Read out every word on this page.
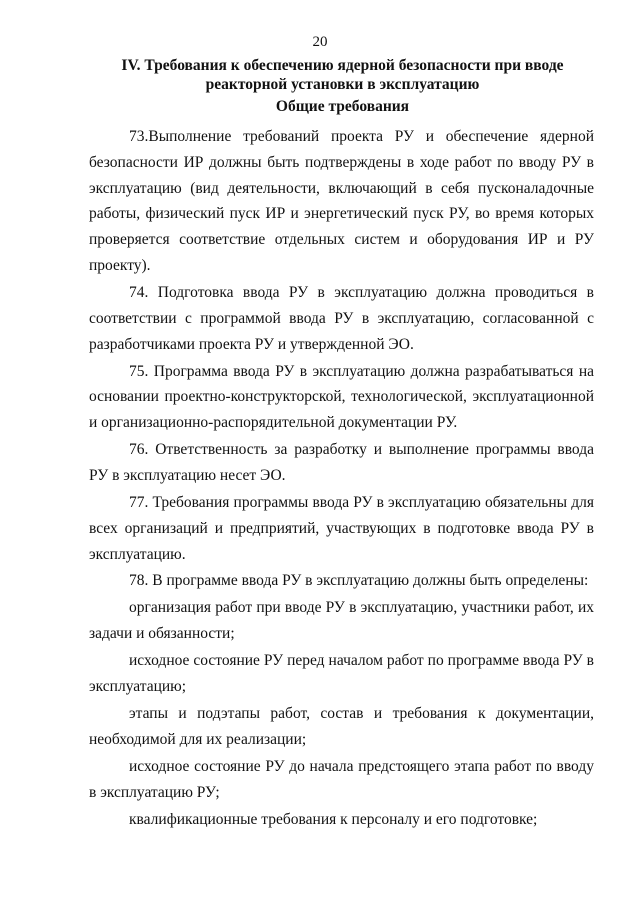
20
IV. Требования к обеспечению ядерной безопасности при вводе реакторной установки в эксплуатацию
Общие требования

73.Выполнение требований проекта РУ и обеспечение ядерной безопасности ИР должны быть подтверждены в ходе работ по вводу РУ в эксплуатацию (вид деятельности, включающий в себя пусконаладочные работы, физический пуск ИР и энергетический пуск РУ, во время которых проверяется соответствие отдельных систем и оборудования ИР и РУ проекту).

74. Подготовка ввода РУ в эксплуатацию должна проводиться в соответствии с программой ввода РУ в эксплуатацию, согласованной с разработчиками проекта РУ и утвержденной ЭО.

75. Программа ввода РУ в эксплуатацию должна разрабатываться на основании проектно-конструкторской, технологической, эксплуатационной и организационно-распорядительной документации РУ.

76. Ответственность за разработку и выполнение программы ввода РУ в эксплуатацию несет ЭО.

77. Требования программы ввода РУ в эксплуатацию обязательны для всех организаций и предприятий, участвующих в подготовке ввода РУ в эксплуатацию.

78. В программе ввода РУ в эксплуатацию должны быть определены:

организация работ при вводе РУ в эксплуатацию, участники работ, их задачи и обязанности;

исходное состояние РУ перед началом работ по программе ввода РУ в эксплуатацию;

этапы и подэтапы работ, состав и требования к документации, необходимой для их реализации;

исходное состояние РУ до начала предстоящего этапа работ по вводу в эксплуатацию РУ;

квалификационные требования к персоналу и его подготовке;
